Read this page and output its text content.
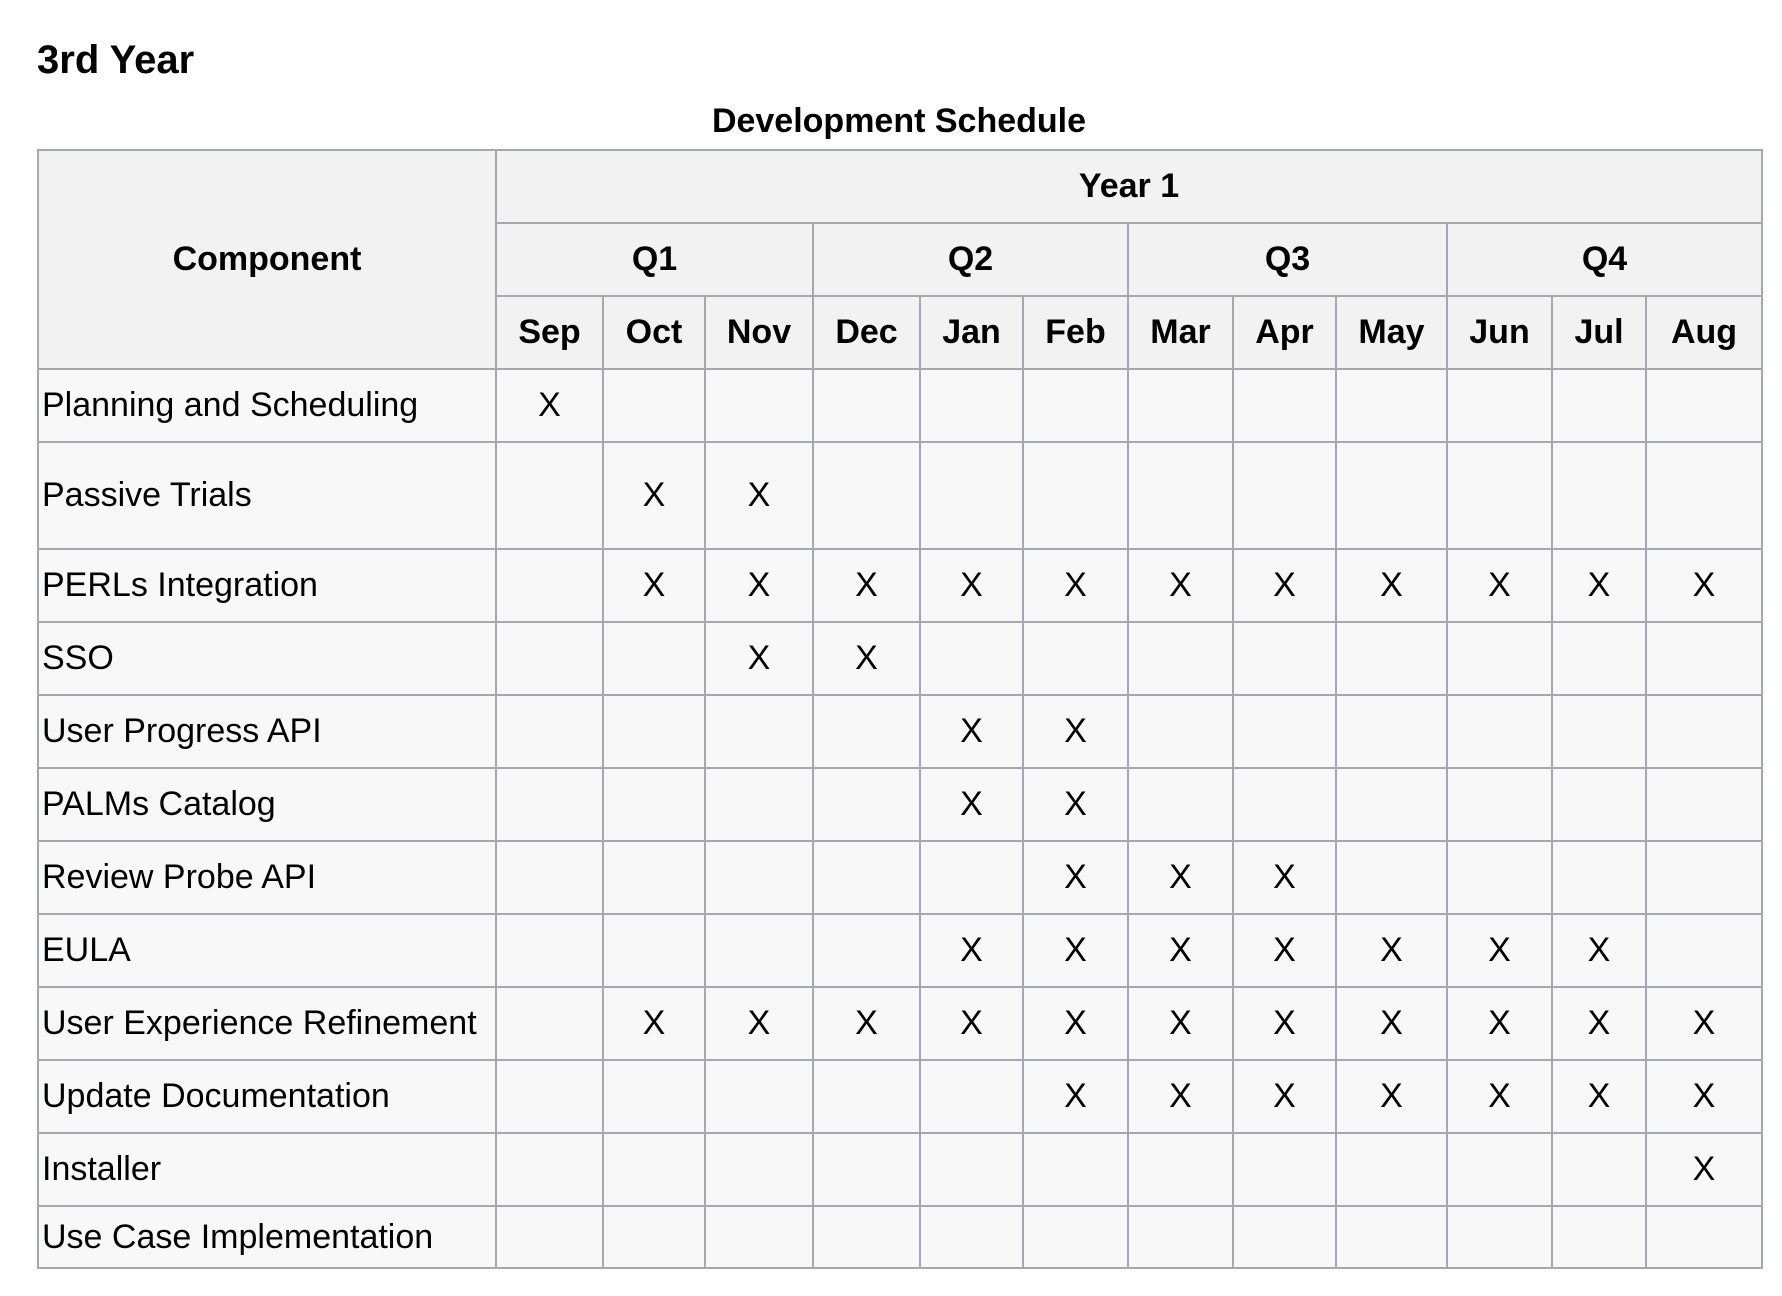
3rd Year
Development Schedule
Component	Year 1											
	Q1			Q2			Q3			Q4		
	Sep	Oct	Nov	Dec	Jan	Feb	Mar	Apr	May	Jun	Jul	Aug
Planning and Scheduling	X											
Passive Trials		X	X									
PERLs Integration		X	X	X	X	X	X	X	X	X	X	X
SSO			X	X								
User Progress API					X	X						
PALMs Catalog					X	X						
Review Probe API						X	X	X				
EULA					X	X	X	X	X	X	X	
User Experience Refinement		X	X	X	X	X	X	X	X	X	X	X
Update Documentation						X	X	X	X	X	X	X
Installer												X
Use Case Implementation												
